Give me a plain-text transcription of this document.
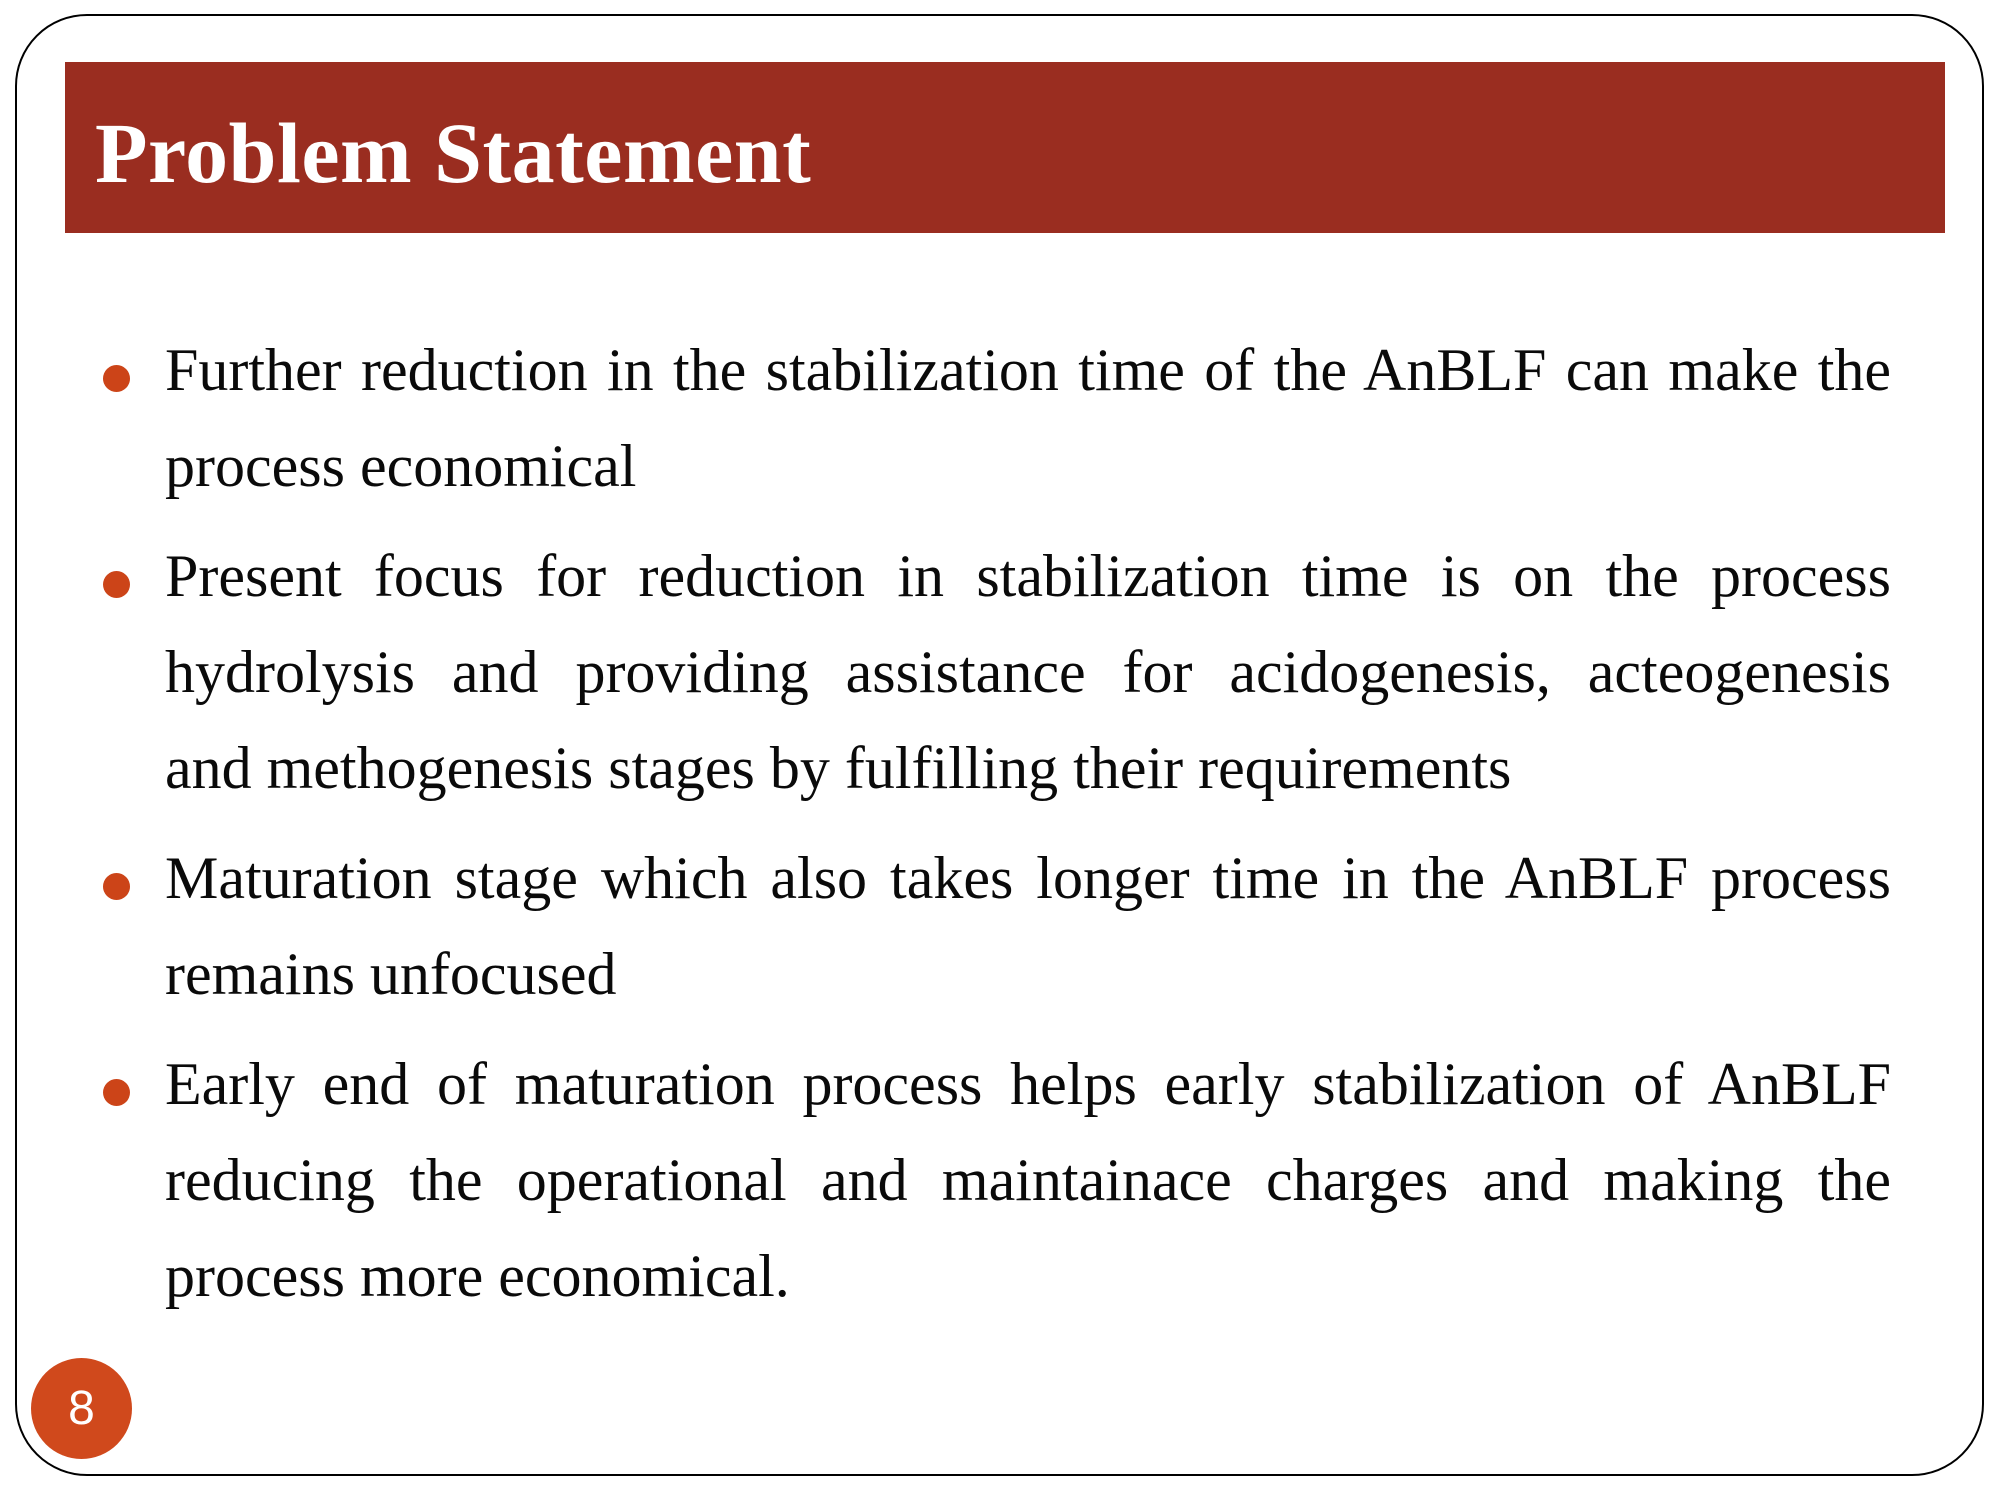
Problem Statement
Further reduction in the stabilization time of the AnBLF can make the
process economical
Present focus for reduction in stabilization time is on the process
hydrolysis and providing assistance for acidogenesis, acteogenesis
and methogenesis stages by fulfilling their requirements
Maturation stage which also takes longer time in the AnBLF process
remains unfocused
Early end of maturation process helps early stabilization of AnBLF
reducing the operational and maintainace charges and making the
process more economical.
8
